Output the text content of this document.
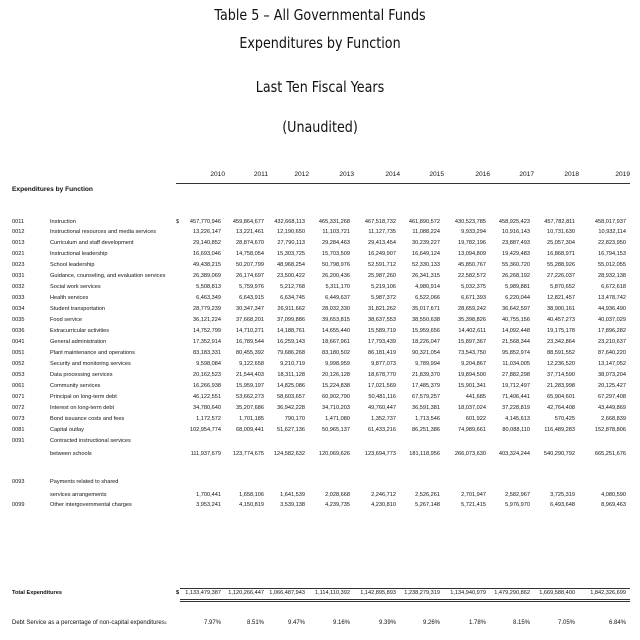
Table 5 – All Governmental Funds
Expenditures by Function
Last Ten Fiscal Years
(Unaudited)
2010	2011	2012	2013	2014	2015	2016	2017	2018	2019
Expenditures by Function
0011	Instruction	$	457,770,946	459,864,677	432,668,113	465,331,268	467,518,732	461,890,572	430,523,785	458,925,423	457,782,811	458,017,937
0012	Instructional resources and media services	13,226,147	13,221,461	12,190,650	11,103,721	11,127,735	11,088,224	9,933,294	10,916,143	10,731,630	10,932,114
0013	Curriculum and staff development	29,140,852	28,874,670	27,790,113	29,284,463	29,413,454	30,239,227	19,782,196	23,887,493	25,057,304	22,823,950
0021	Instructional leadership	16,693,046	14,758,054	15,303,725	15,703,509	16,249,907	16,649,124	13,094,809	19,429,483	16,868,971	16,794,153
0023	School leadership	49,438,215	50,207,799	48,968,254	50,798,976	52,591,712	52,330,133	45,850,767	55,360,720	55,288,926	55,012,055
0031	Guidance, counseling, and evaluation services	26,389,069	26,174,697	23,500,422	26,200,436	25,987,260	26,341,315	22,582,572	26,268,192	27,226,037	28,932,138
0032	Social work services	5,508,813	5,759,976	5,212,768	5,311,170	5,219,106	4,980,914	5,032,375	5,989,881	5,870,652	6,672,618
0033	Health services	6,463,349	6,643,915	6,634,745	6,449,637	5,987,372	6,522,066	6,671,393	6,220,044	12,821,457	13,478,742
0034	Student transportation	28,779,239	30,347,347	26,911,662	28,032,330	31,821,262	35,017,671	28,659,242	36,642,597	38,900,161	44,936,490
0035	Food service	36,121,224	37,668,201	37,099,886	39,653,815	38,637,553	38,550,638	35,398,826	40,755,156	40,457,273	40,037,029
0036	Extracurricular activities	14,752,799	14,710,271	14,188,761	14,655,440	15,589,719	15,959,656	14,402,611	14,092,448	19,175,178	17,896,282
0041	General administration	17,352,914	16,789,544	16,259,143	18,667,961	17,793,439	18,226,047	15,897,367	21,568,344	23,342,864	23,210,637
0051	Plant maintenance and operations	83,183,331	80,455,392	79,686,268	83,180,502	86,181,419	90,321,054	73,543,750	95,852,974	88,591,552	87,640,220
0052	Security and monitoring services	9,598,084	9,122,658	9,210,719	9,998,959	9,877,073	9,789,994	9,204,867	11,034,005	12,236,520	13,147,052
0053	Data processing services	20,162,523	21,544,403	18,311,128	20,126,128	18,678,770	21,839,370	19,894,500	27,882,298	37,714,590	38,073,204
0061	Community services	16,266,938	15,959,197	14,825,086	15,224,838	17,021,569	17,485,379	15,901,341	19,712,497	21,283,998	20,125,427
0071	Principal on long-term debt	46,122,551	53,662,273	58,603,657	60,902,790	50,481,116	67,579,257	441,685	71,406,441	65,904,601	67,297,408
0072	Interest on long-term debt	34,780,640	35,207,686	36,942,228	34,710,203	49,760,447	36,591,381	18,037,024	37,228,819	42,764,408	43,449,869
0073	Bond issuance costs and fees	1,172,572	1,701,185	790,170	1,471,080	1,352,737	1,713,546	601,922	4,145,613	570,425	2,668,839
0081	Capital outlay	102,954,774	68,009,441	51,627,136	50,965,137	61,433,216	86,251,386	74,989,661	80,088,110	116,489,283	152,878,806
0091	Contracted instructional services
between schools	111,937,679	123,774,675	124,582,632	120,069,626	123,694,773	181,118,956	266,073,630	403,324,244	540,290,792	665,251,676
0093	Payments related to shared
services arrangements	1,700,441	1,658,106	1,641,539	2,028,668	2,246,712	2,526,261	2,701,947	2,582,967	3,725,319	4,080,590
0099	Other intergovernmental charges	3,953,241	4,150,819	3,539,138	4,239,735	4,230,810	5,267,148	5,721,415	5,976,970	6,493,648	8,969,463
Total Expenditures	$	1,133,479,387	1,120,266,447 1,066,487,943	1,114,110,392	1,142,895,893	1,238,279,319	1,134,940,979	1,479,290,862	1,669,588,400	1,842,326,699
Debt Service as a percentage of non-capital expenditures$^1$	7.97%	8.51%	9.47%	9.16%	9.39%	9.26%	1.78%	8.15%	7.05%	6.84%
